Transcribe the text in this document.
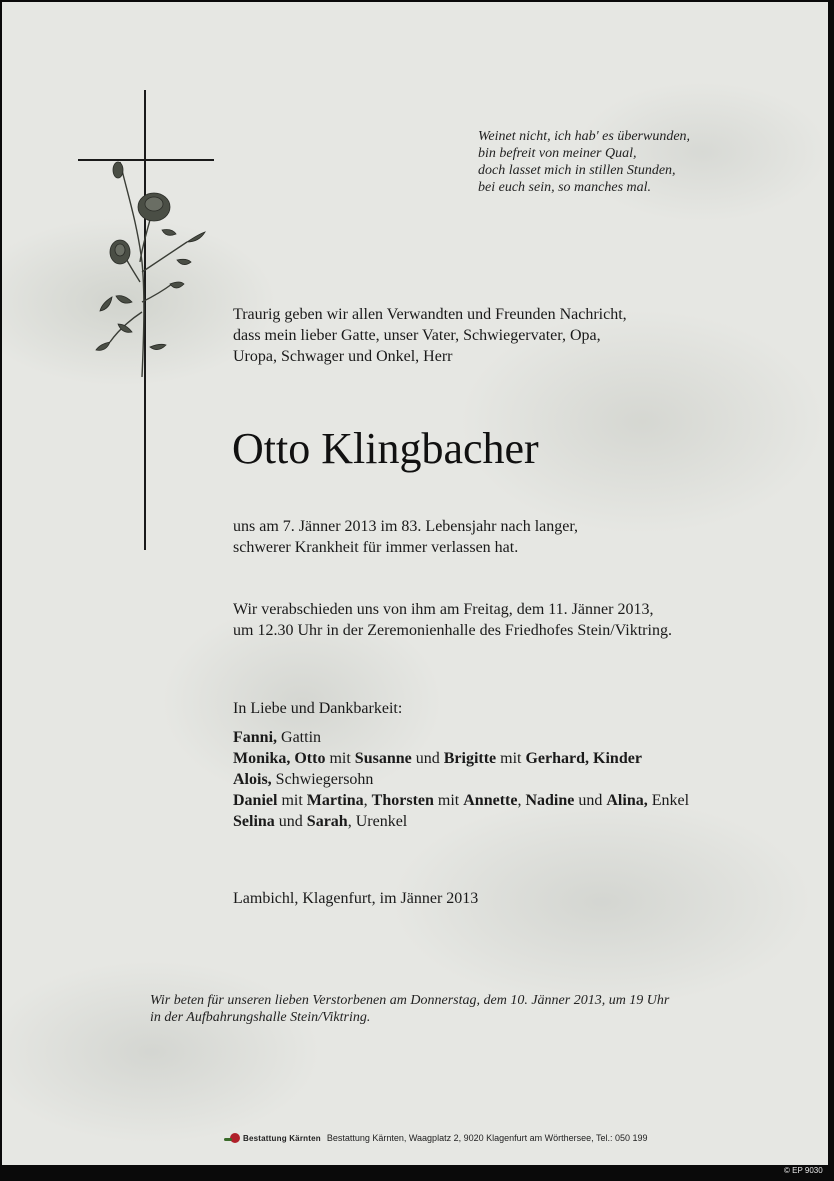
Weinet nicht, ich hab' es überwunden,
bin befreit von meiner Qual,
doch lasset mich in stillen Stunden,
bei euch sein, so manches mal.
Traurig geben wir allen Verwandten und Freunden Nachricht,
dass mein lieber Gatte, unser Vater, Schwiegervater, Opa,
Uropa, Schwager und Onkel, Herr
Otto Klingbacher
uns am 7. Jänner 2013 im 83. Lebensjahr nach langer,
schwerer Krankheit für immer verlassen hat.
Wir verabschieden uns von ihm am Freitag, dem 11. Jänner 2013,
um 12.30 Uhr in der Zeremonienhalle des Friedhofes Stein/Viktring.
In Liebe und Dankbarkeit:
Fanni, Gattin
Monika, Otto mit Susanne und Brigitte mit Gerhard, Kinder
Alois, Schwiegersohn
Daniel mit Martina, Thorsten mit Annette, Nadine und Alina, Enkel
Selina und Sarah, Urenkel
Lambichl, Klagenfurt, im Jänner 2013
Wir beten für unseren lieben Verstorbenen am Donnerstag, dem 10. Jänner 2013, um 19 Uhr
in der Aufbahrungshalle Stein/Viktring.
Bestattung Kärnten Bestattung Kärnten, Waagplatz 2, 9020 Klagenfurt am Wörthersee, Tel.: 050 199
© EP 9030
